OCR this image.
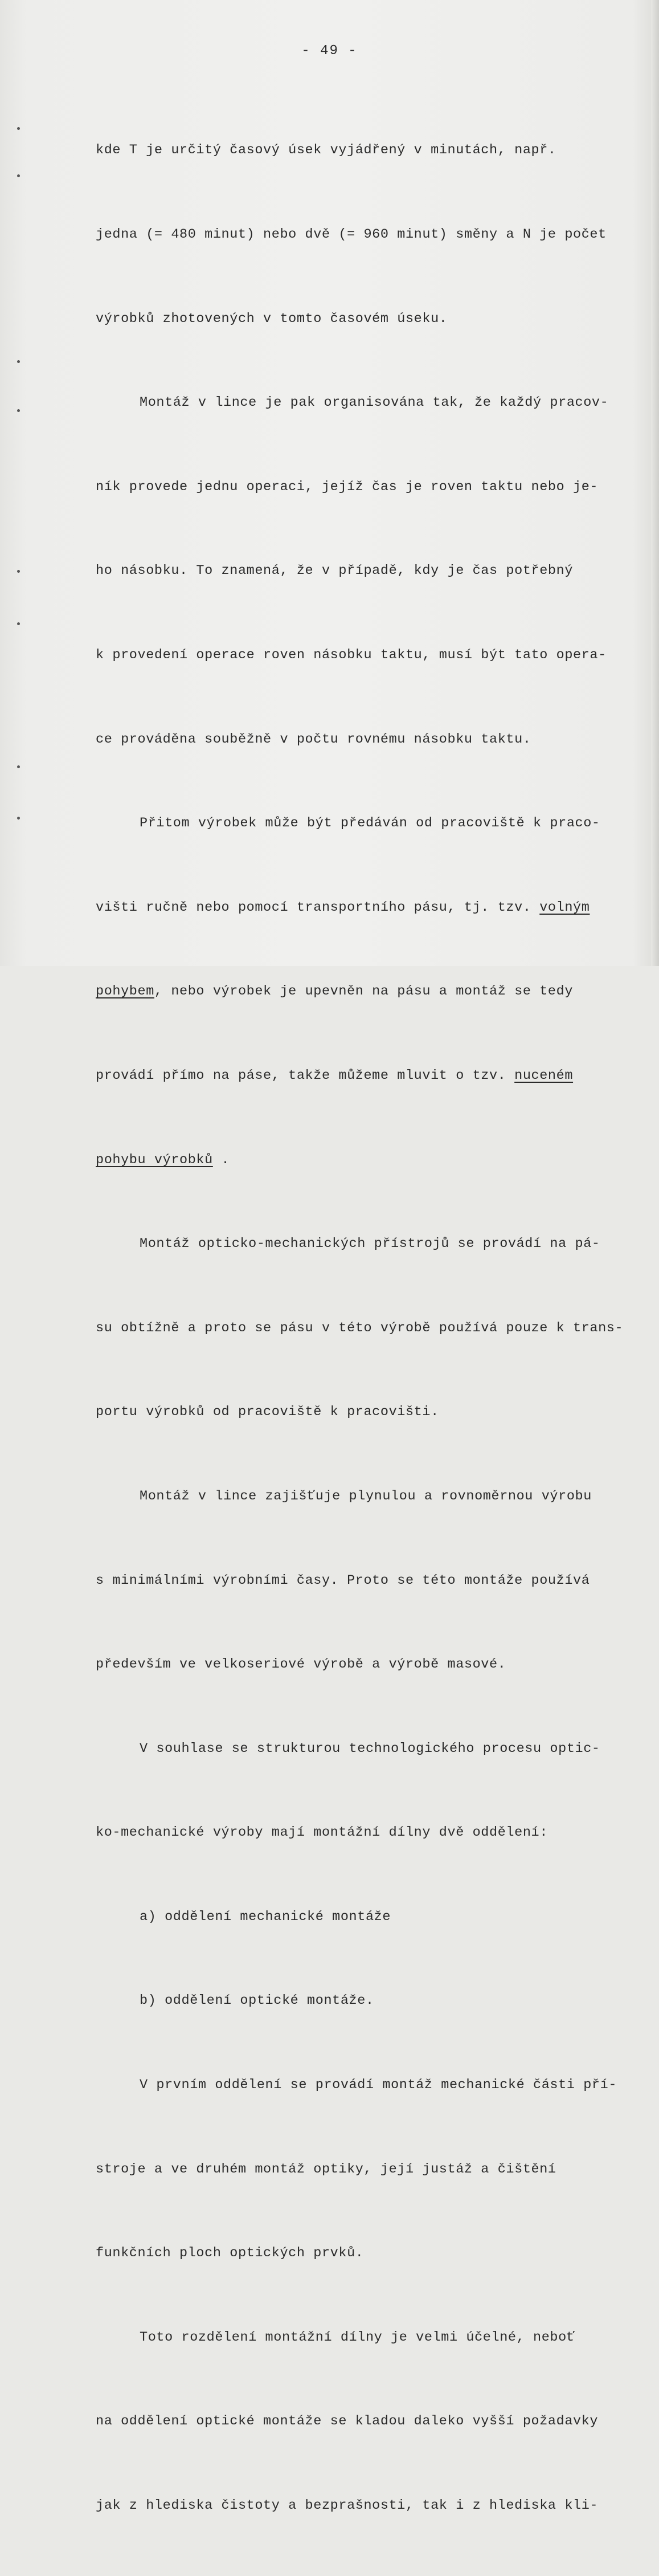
- 49 -

kde T je určitý časový úsek vyjádřený v minutách, např.

jedna (= 480 minut) nebo dvě (= 960 minut) směny a N je počet

výrobků zhotovených v tomto časovém úseku.

Montáž v lince je pak organisována tak, že každý pracov-

ník provede jednu operaci, jejíž čas je roven taktu nebo je-

ho násobku. To znamená, že v případě, kdy je čas potřebný

k provedení operace roven násobku taktu, musí být tato opera-

ce prováděna souběžně v počtu rovnému násobku taktu.

Přitom výrobek může být předáván od pracoviště k praco-

višti ručně nebo pomocí transportního pásu, tj. tzv. volným

pohybem, nebo výrobek je upevněn na pásu a montáž se tedy

provádí přímo na páse, takže můžeme mluvit o tzv. nuceném

pohybu výrobků .

Montáž opticko-mechanických přístrojů se provádí na pá-

su obtížně a proto se pásu v této výrobě používá pouze k trans-

portu výrobků od pracoviště k pracovišti.

Montáž v lince zajišťuje plynulou a rovnoměrnou výrobu

s minimálními výrobními časy. Proto se této montáže používá

především ve velkoseriové výrobě a výrobě masové.

V souhlase se strukturou technologického procesu optic-

ko-mechanické výroby mají montážní dílny dvě oddělení:

a) oddělení mechanické montáže

b) oddělení optické montáže.

V prvním oddělení se provádí montáž mechanické části pří-

stroje a ve druhém montáž optiky, její justáž a čištění

funkčních ploch optických prvků.

Toto rozdělení montážní dílny je velmi účelné, neboť

na oddělení optické montáže se kladou daleko vyšší požadavky

jak z hlediska čistoty a bezprašnosti, tak i z hlediska kli-
